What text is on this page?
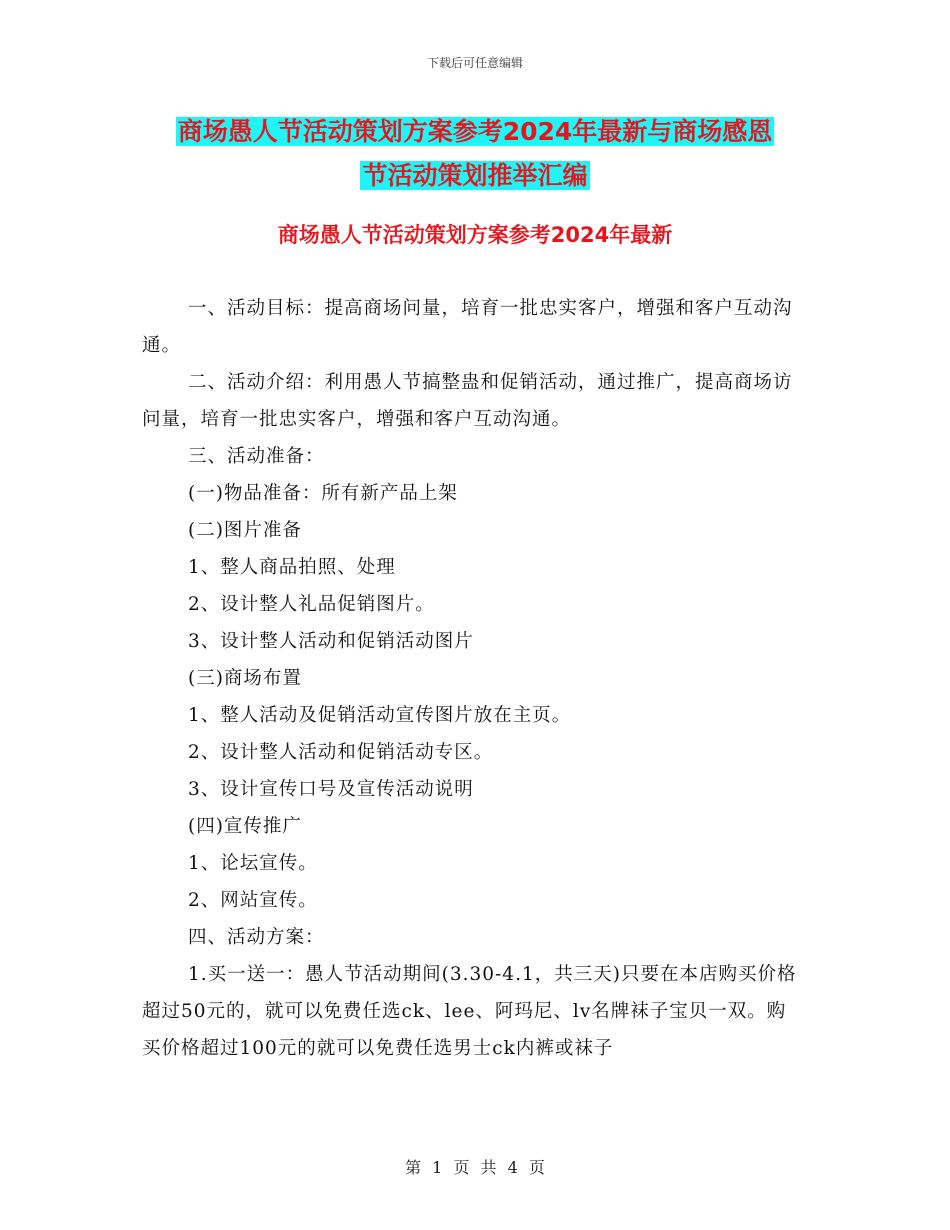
下载后可任意编辑
商场愚人节活动策划方案参考2024年最新与商场感恩
节活动策划推举汇编
商场愚人节活动策划方案参考2024年最新

一、活动目标：提高商场问量，培育一批忠实客户，增强和客户互动沟通。

二、活动介绍：利用愚人节搞整蛊和促销活动，通过推广，提高商场访问量，培育一批忠实客户，增强和客户互动沟通。

三、活动准备：

(一)物品准备：所有新产品上架

(二)图片准备

1、整人商品拍照、处理

2、设计整人礼品促销图片。

3、设计整人活动和促销活动图片

(三)商场布置

1、整人活动及促销活动宣传图片放在主页。

2、设计整人活动和促销活动专区。

3、设计宣传口号及宣传活动说明

(四)宣传推广

1、论坛宣传。

2、网站宣传。

四、活动方案：

1.买一送一：愚人节活动期间(3.30-4.1，共三天)只要在本店购买价格超过50元的，就可以免费任选ck、lee、阿玛尼、lv名牌袜子宝贝一双。购买价格超过100元的就可以免费任选男士ck内裤或袜子

第 1 页 共 4 页
